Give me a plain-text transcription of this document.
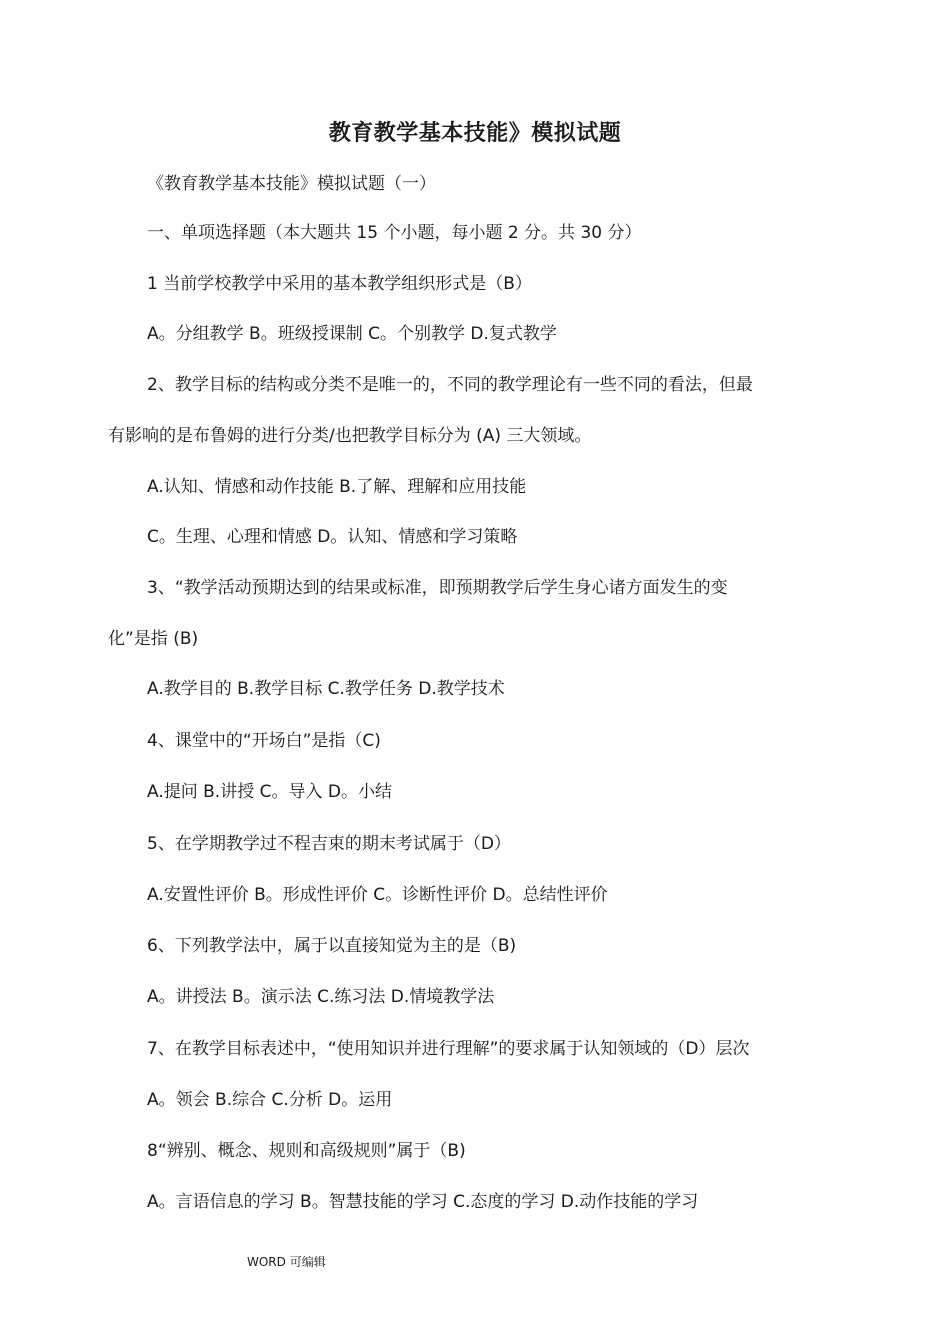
教育教学基本技能》模拟试题
《教育教学基本技能》模拟试题（一）
一、单项选择题（本大题共 15 个小题，每小题 2 分。共 30 分）
1 当前学校教学中采用的基本教学组织形式是（B）
A。分组教学 B。班级授课制 C。个别教学 D.复式教学
2、教学目标的结构或分类不是唯一的，不同的教学理论有一些不同的看法，但最
有影响的是布鲁姆的进行分类/也把教学目标分为 (A) 三大领域。
A.认知、情感和动作技能 B.了解、理解和应用技能
C。生理、心理和情感 D。认知、情感和学习策略
3、“教学活动预期达到的结果或标准，即预期教学后学生身心诸方面发生的变
化”是指 (B)
A.教学目的 B.教学目标 C.教学任务 D.教学技术
4、课堂中的“开场白”是指（C)
A.提问 B.讲授 C。导入 D。小结
5、在学期教学过不程吉束的期末考试属于（D）
A.安置性评价 B。形成性评价 C。诊断性评价 D。总结性评价
6、下列教学法中，属于以直接知觉为主的是（B)
A。讲授法 B。演示法 C.练习法 D.情境教学法
7、在教学目标表述中，“使用知识并进行理解”的要求属于认知领域的（D）层次
A。领会 B.综合 C.分析 D。运用
8“辨别、概念、规则和高级规则”属于（B)
A。言语信息的学习 B。智慧技能的学习 C.态度的学习 D.动作技能的学习
WORD 可编辑
